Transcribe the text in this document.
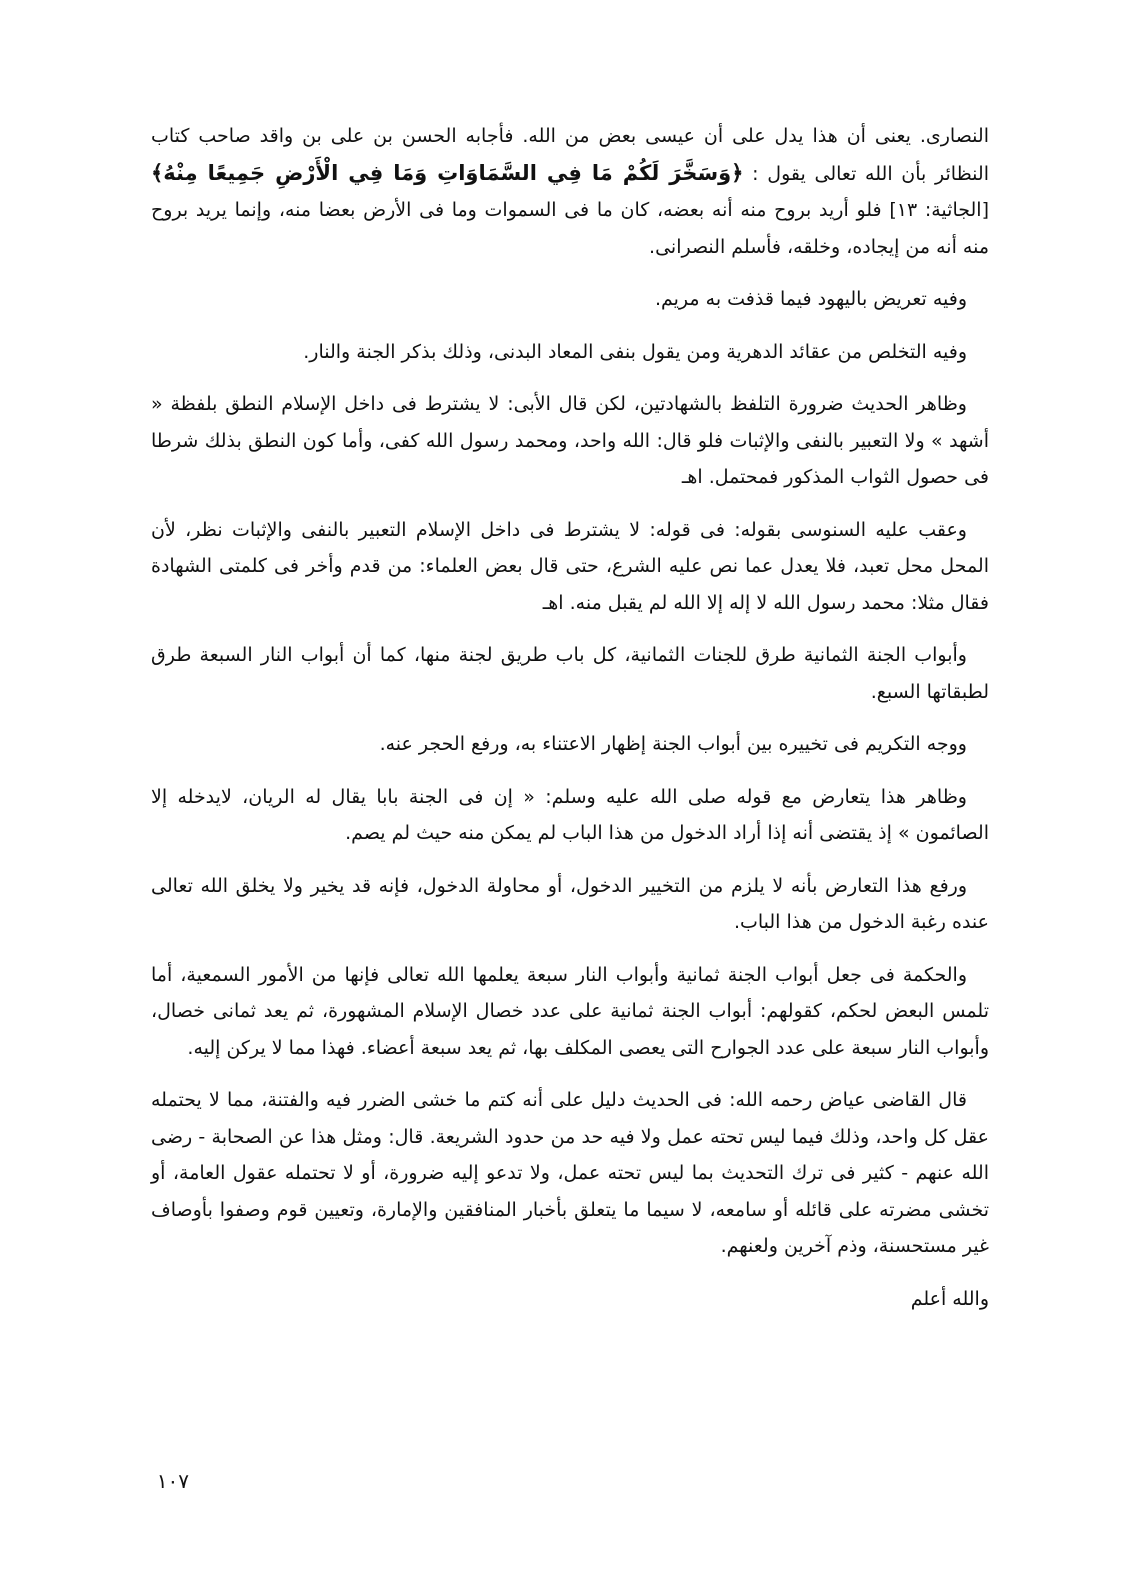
النصارى. يعنى أن هذا يدل على أن عيسى بعض من الله. فأجابه الحسن بن على بن واقد صاحب كتاب النظائر بأن الله تعالى يقول : ﴿وَسَخَّرَ لَكُمْ مَا فِي السَّمَاوَاتِ وَمَا فِي الْأَرْضِ جَمِيعًا مِنْهُ﴾[الجاثية: ١٣] فلو أريد بروح منه أنه بعضه، كان ما فى السموات وما فى الأرض بعضا منه، وإنما يريد بروح منه أنه من إيجاده، وخلقه، فأسلم النصرانى.

وفيه تعريض باليهود فيما قذفت به مريم.

وفيه التخلص من عقائد الدهرية ومن يقول بنفى المعاد البدنى، وذلك بذكر الجنة والنار.

وظاهر الحديث ضرورة التلفظ بالشهادتين، لكن قال الأبى: لا يشترط فى داخل الإسلام النطق بلفظة « أشهد » ولا التعبير بالنفى والإثبات فلو قال: الله واحد، ومحمد رسول الله كفى، وأما كون النطق بذلك شرطا فى حصول الثواب المذكور فمحتمل. اهـ

وعقب عليه السنوسى بقوله: فى قوله: لا يشترط فى داخل الإسلام التعبير بالنفى والإثبات نظر، لأن المحل محل تعبد، فلا يعدل عما نص عليه الشرع، حتى قال بعض العلماء: من قدم وأخر فى كلمتى الشهادة فقال مثلا: محمد رسول الله لا إله إلا الله لم يقبل منه. اهـ

وأبواب الجنة الثمانية طرق للجنات الثمانية، كل باب طريق لجنة منها، كما أن أبواب النار السبعة طرق لطبقاتها السبع.

ووجه التكريم فى تخييره بين أبواب الجنة إظهار الاعتناء به، ورفع الحجر عنه.

وظاهر هذا يتعارض مع قوله صلى الله عليه وسلم: « إن فى الجنة بابا يقال له الريان، لايدخله إلا الصائمون » إذ يقتضى أنه إذا أراد الدخول من هذا الباب لم يمكن منه حيث لم يصم.

ورفع هذا التعارض بأنه لا يلزم من التخيير الدخول، أو محاولة الدخول، فإنه قد يخير ولا يخلق الله تعالى عنده رغبة الدخول من هذا الباب.

والحكمة فى جعل أبواب الجنة ثمانية وأبواب النار سبعة يعلمها الله تعالى فإنها من الأمور السمعية، أما تلمس البعض لحكم، كقولهم: أبواب الجنة ثمانية على عدد خصال الإسلام المشهورة، ثم يعد ثمانى خصال، وأبواب النار سبعة على عدد الجوارح التى يعصى المكلف بها، ثم يعد سبعة أعضاء. فهذا مما لا يركن إليه.

قال القاضى عياض رحمه الله: فى الحديث دليل على أنه كتم ما خشى الضرر فيه والفتنة، مما لا يحتمله عقل كل واحد، وذلك فيما ليس تحته عمل ولا فيه حد من حدود الشريعة. قال: ومثل هذا عن الصحابة - رضى الله عنهم - كثير فى ترك التحديث بما ليس تحته عمل، ولا تدعو إليه ضرورة، أو لا تحتمله عقول العامة، أو تخشى مضرته على قائله أو سامعه، لا سيما ما يتعلق بأخبار المنافقين والإمارة، وتعيين قوم وصفوا بأوصاف غير مستحسنة، وذم آخرين ولعنهم.

والله أعلم
١٠٧
